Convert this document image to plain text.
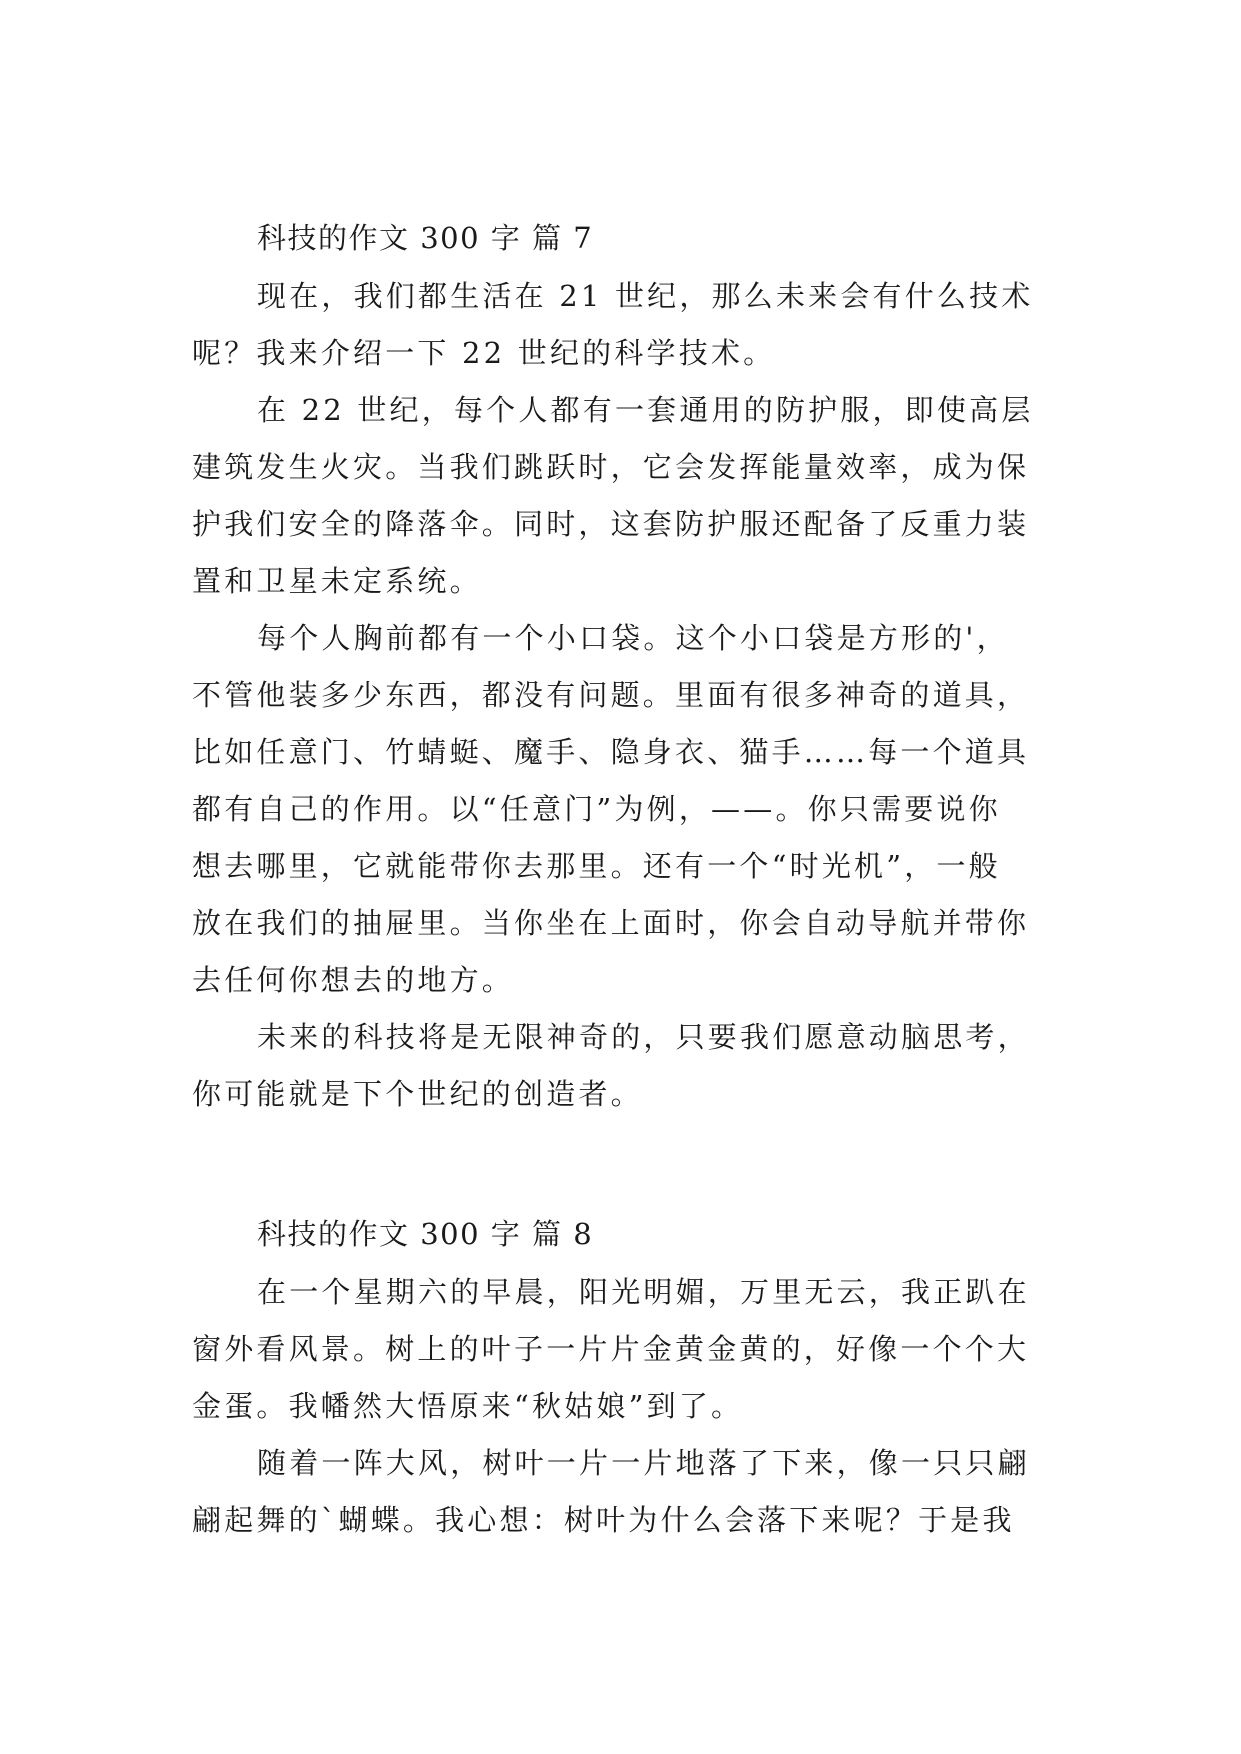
科技的作文 300 字 篇 7
现在，我们都生活在 21 世纪，那么未来会有什么技术
呢？我来介绍一下 22 世纪的科学技术。
在 22 世纪，每个人都有一套通用的防护服，即使高层
建筑发生火灾。当我们跳跃时，它会发挥能量效率，成为保
护我们安全的降落伞。同时，这套防护服还配备了反重力装
置和卫星未定系统。
每个人胸前都有一个小口袋。这个小口袋是方形的'，
不管他装多少东西，都没有问题。里面有很多神奇的道具，
比如任意门、竹蜻蜓、魔手、隐身衣、猫手……每一个道具
都有自己的作用。以“任意门”为例，——。你只需要说你
想去哪里，它就能带你去那里。还有一个“时光机”，一般
放在我们的抽屉里。当你坐在上面时，你会自动导航并带你
去任何你想去的地方。
未来的科技将是无限神奇的，只要我们愿意动脑思考，
你可能就是下个世纪的创造者。
科技的作文 300 字 篇 8
在一个星期六的早晨，阳光明媚，万里无云，我正趴在
窗外看风景。树上的叶子一片片金黄金黄的，好像一个个大
金蛋。我幡然大悟原来“秋姑娘”到了。
随着一阵大风，树叶一片一片地落了下来，像一只只翩
翩起舞的`蝴蝶。我心想：树叶为什么会落下来呢？于是我
